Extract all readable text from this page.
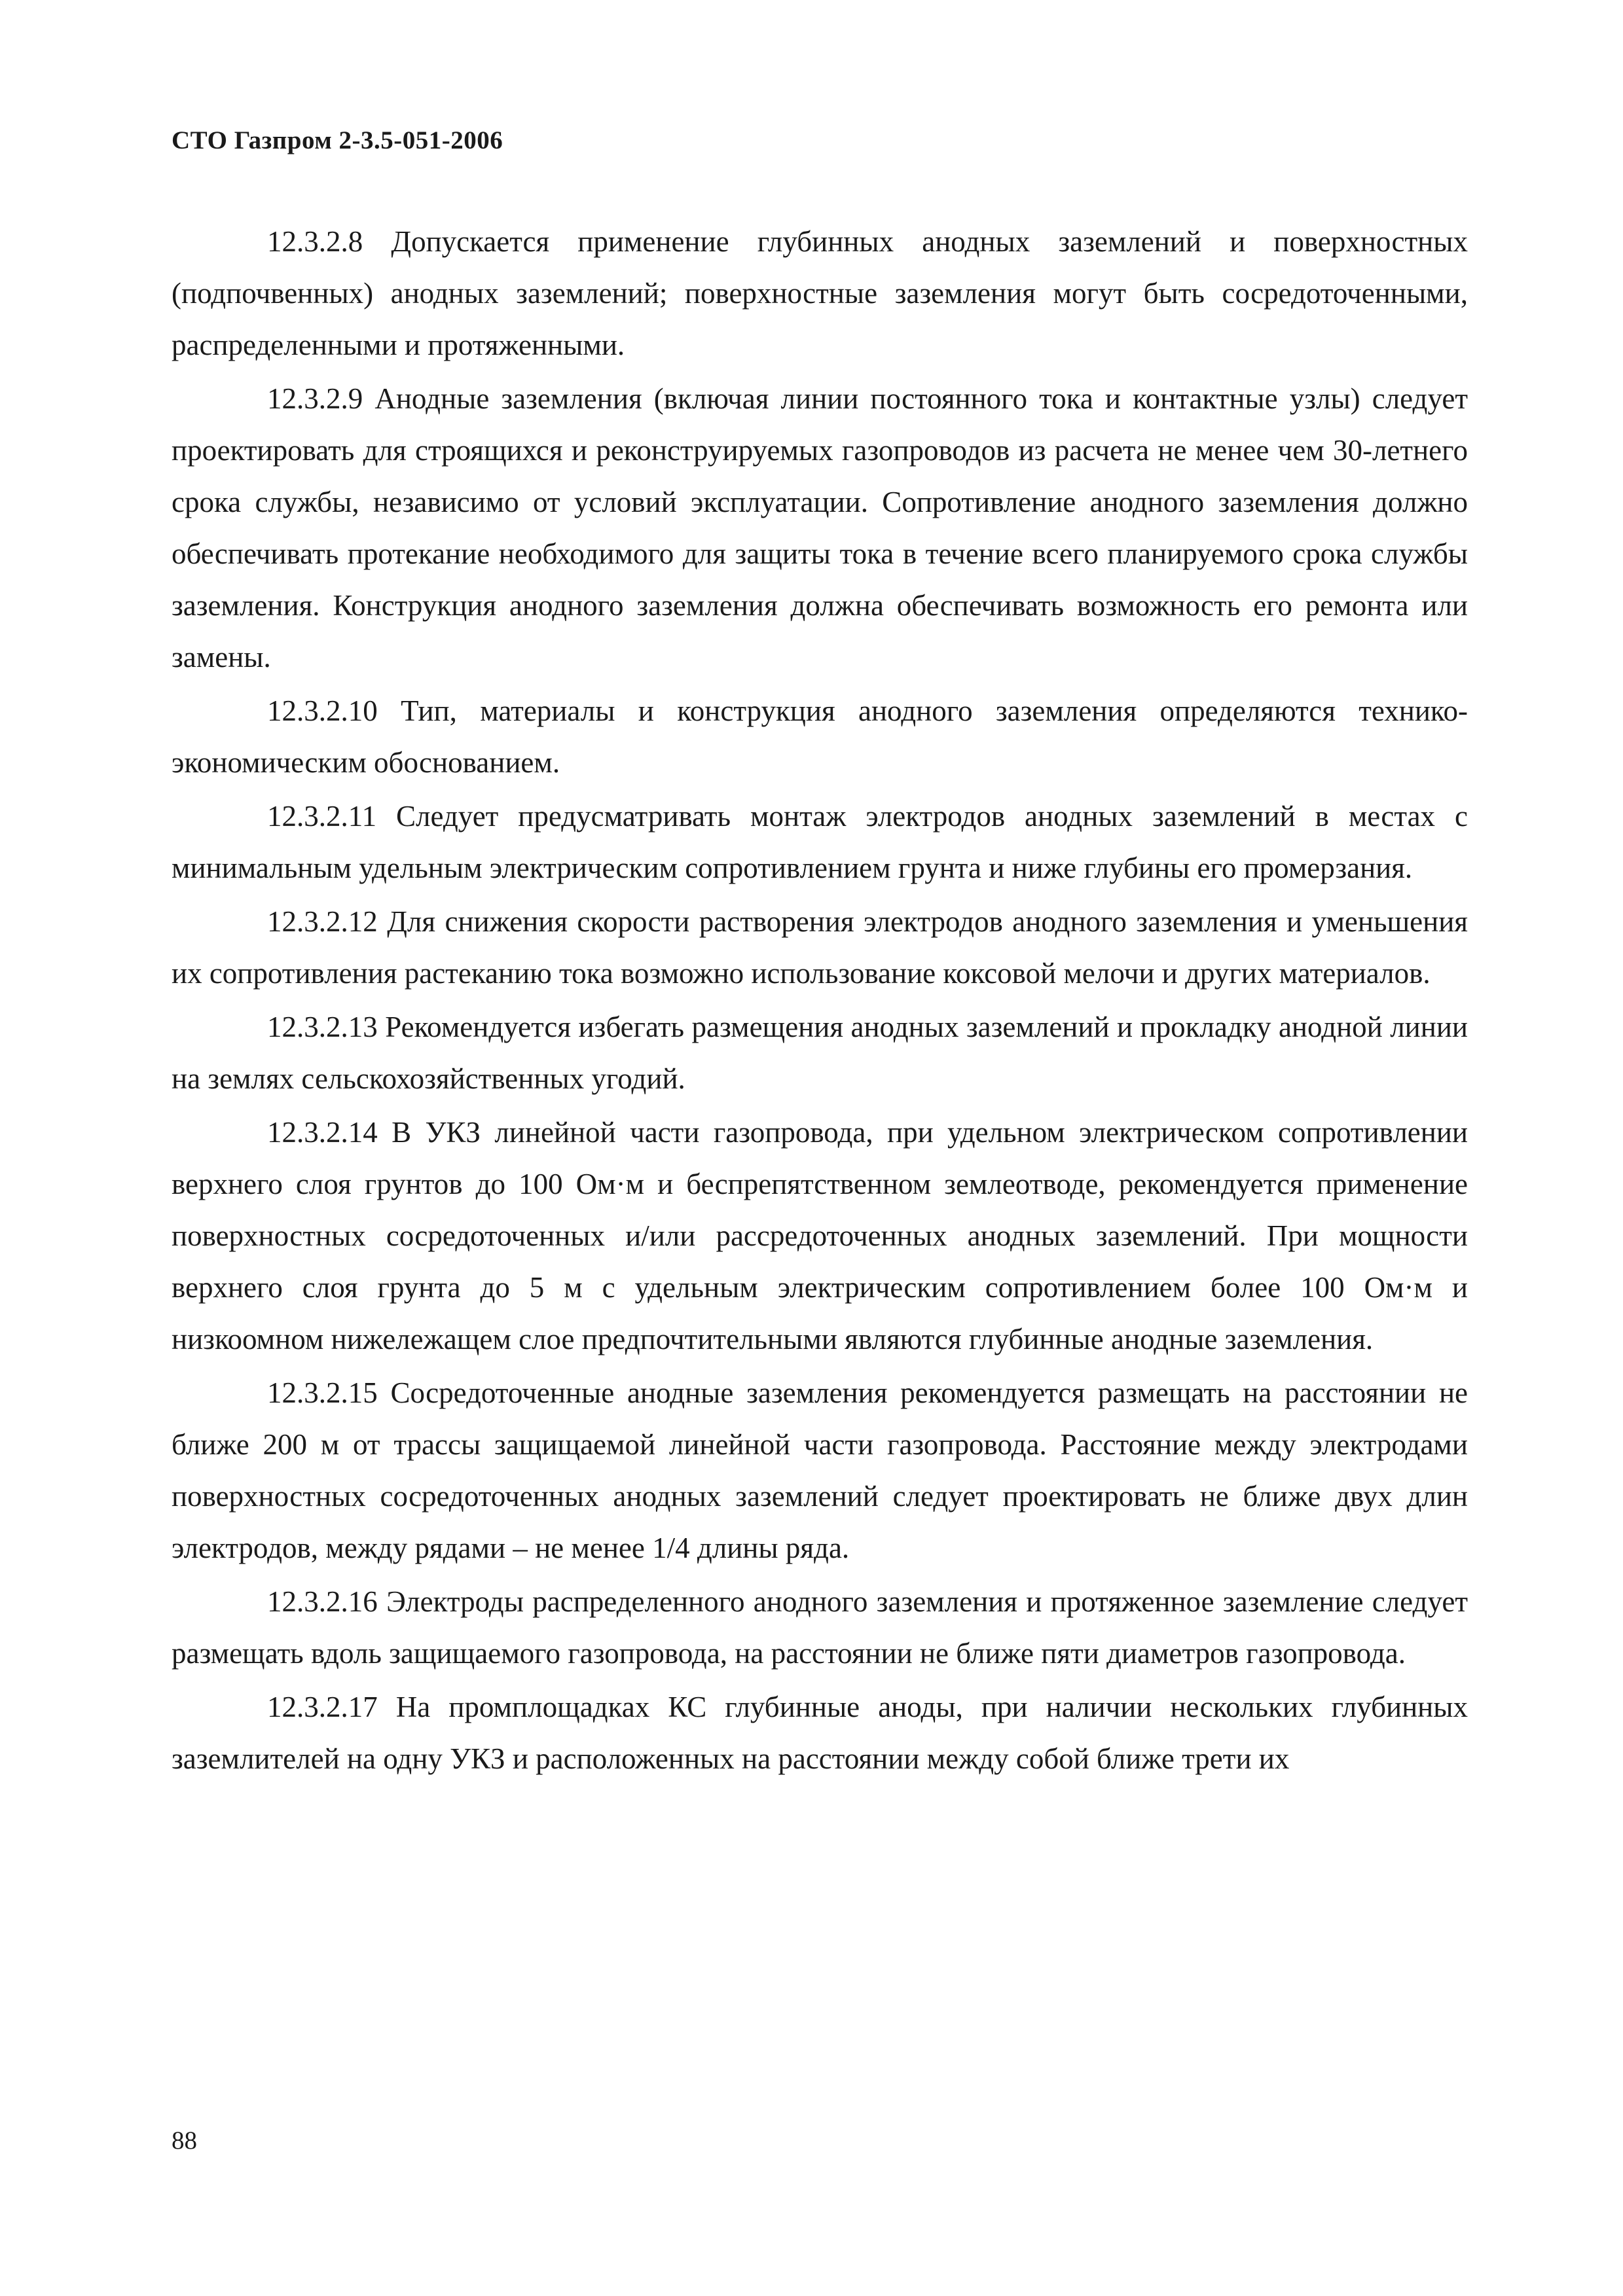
СТО Газпром 2-3.5-051-2006

12.3.2.8 Допускается применение глубинных анодных заземлений и поверхностных (подпочвенных) анодных заземлений; поверхностные заземления могут быть сосредоточенными, распределенными и протяженными.

12.3.2.9 Анодные заземления (включая линии постоянного тока и контактные узлы) следует проектировать для строящихся и реконструируемых газопроводов из расчета не менее чем 30-летнего срока службы, независимо от условий эксплуатации. Сопротивление анодного заземления должно обеспечивать протекание необходимого для защиты тока в течение всего планируемого срока службы заземления. Конструкция анодного заземления должна обеспечивать возможность его ремонта или замены.

12.3.2.10 Тип, материалы и конструкция анодного заземления определяются технико-экономическим обоснованием.

12.3.2.11 Следует предусматривать монтаж электродов анодных заземлений в местах с минимальным удельным электрическим сопротивлением грунта и ниже глубины его промерзания.

12.3.2.12 Для снижения скорости растворения электродов анодного заземления и уменьшения их сопротивления растеканию тока возможно использование коксовой мелочи и других материалов.

12.3.2.13 Рекомендуется избегать размещения анодных заземлений и прокладку анодной линии на землях сельскохозяйственных угодий.

12.3.2.14 В УКЗ линейной части газопровода, при удельном электрическом сопротивлении верхнего слоя грунтов до 100 Ом·м и беспрепятственном землеотводе, рекомендуется применение поверхностных сосредоточенных и/или рассредоточенных анодных заземлений. При мощности верхнего слоя грунта до 5 м с удельным электрическим сопротивлением более 100 Ом·м и низкоомном нижележащем слое предпочтительными являются глубинные анодные заземления.

12.3.2.15 Сосредоточенные анодные заземления рекомендуется размещать на расстоянии не ближе 200 м от трассы защищаемой линейной части газопровода. Расстояние между электродами поверхностных сосредоточенных анодных заземлений следует проектировать не ближе двух длин электродов, между рядами – не менее 1/4 длины ряда.

12.3.2.16 Электроды распределенного анодного заземления и протяженное заземление следует размещать вдоль защищаемого газопровода, на расстоянии не ближе пяти диаметров газопровода.

12.3.2.17 На промплощадках КС глубинные аноды, при наличии нескольких глубинных заземлителей на одну УКЗ и расположенных на расстоянии между собой ближе трети их

88
